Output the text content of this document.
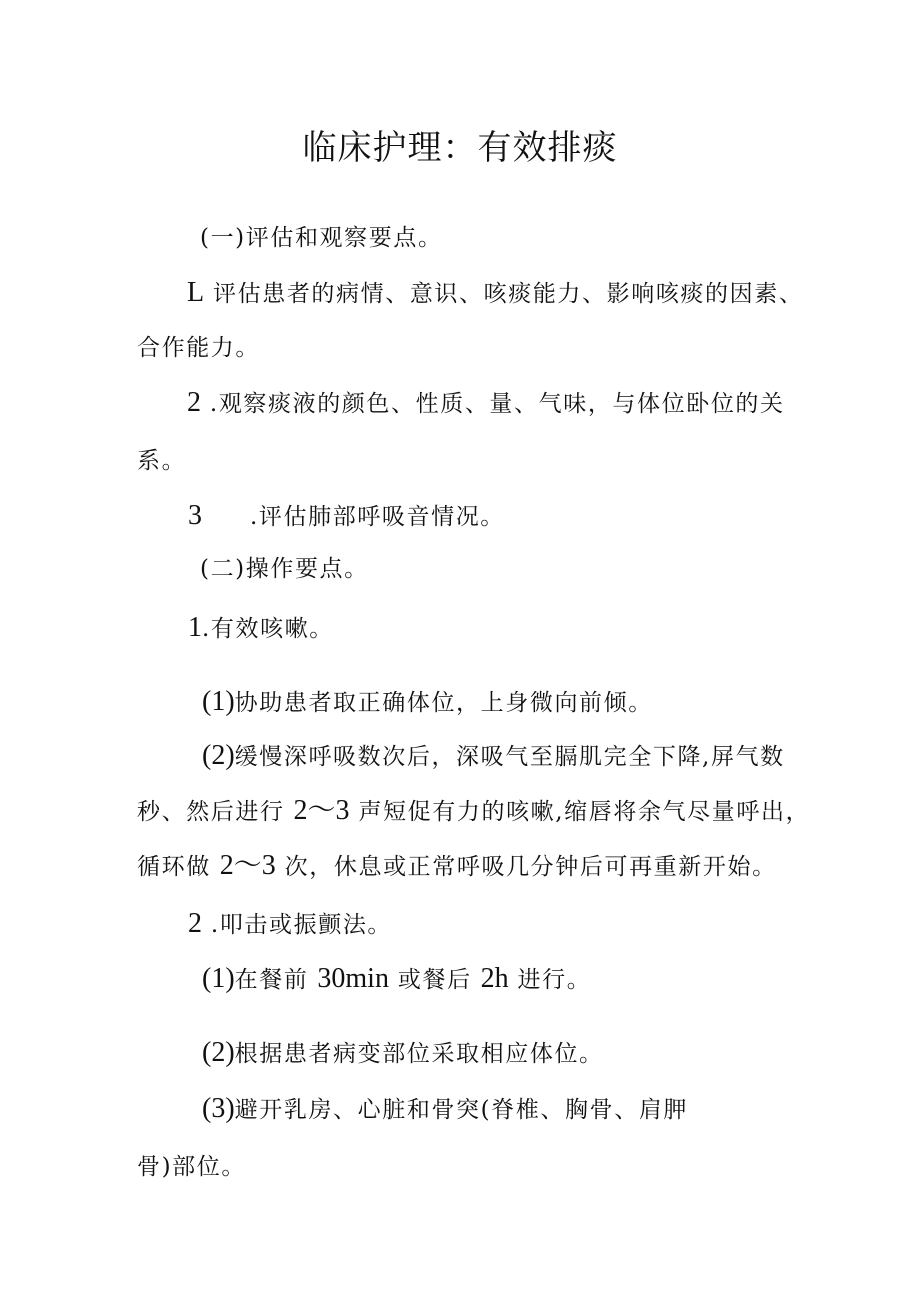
临床护理：有效排痰
(一)评估和观察要点。
L 评估患者的病情、意识、咳痰能力、影响咳痰的因素、
合作能力。
2 .观察痰液的颜色、性质、量、气味，与体位卧位的关
系。
3 .评估肺部呼吸音情况。
(二)操作要点。
1.有效咳嗽。
(1)协助患者取正确体位，上身微向前倾。
(2)缓慢深呼吸数次后，深吸气至膈肌完全下降,屏气数
秒、然后进行 2～3 声短促有力的咳嗽,缩唇将余气尽量呼出，
循环做 2～3 次，休息或正常呼吸几分钟后可再重新开始。
2 .叩击或振颤法。
(1)在餐前 30min 或餐后 2h 进行。
(2)根据患者病变部位采取相应体位。
(3)避开乳房、心脏和骨突(脊椎、胸骨、肩胛
骨)部位。
